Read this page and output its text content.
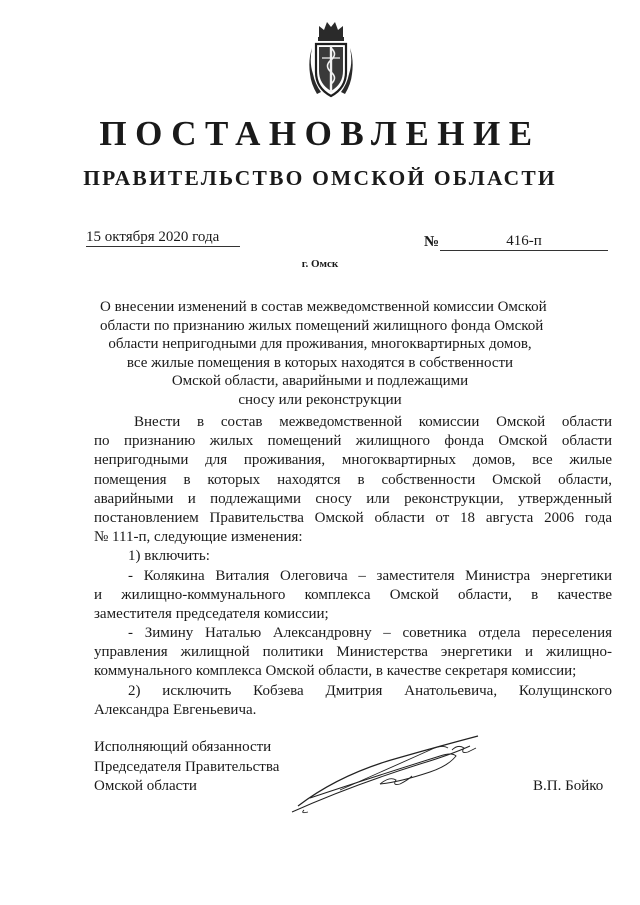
ПОСТАНОВЛЕНИЕ
ПРАВИТЕЛЬСТВО ОМСКОЙ ОБЛАСТИ
15 октября 2020 года	№	416-п
г. Омск
О внесении изменений в состав межведомственной комиссии Омской
области по признанию жилых помещений жилищного фонда Омской
области непригодными для проживания, многоквартирных домов,
все жилые помещения в которых находятся в собственности
Омской области, аварийными и подлежащими
сносу или реконструкции
Внести в состав межведомственной комиссии Омской области
по признанию жилых помещений жилищного фонда Омской области
непригодными для проживания, многоквартирных домов, все жилые
помещения в которых находятся в собственности Омской области,
аварийными и подлежащими сносу или реконструкции, утвержденный
постановлением Правительства Омской области от 18 августа 2006 года
№ 111-п, следующие изменения:
1) включить:
- Колякина Виталия Олеговича – заместителя Министра энергетики
и жилищно-коммунального комплекса Омской области, в качестве
заместителя председателя комиссии;
- Зимину Наталью Александровну – советника отдела переселения
управления жилищной политики Министерства энергетики и жилищно-
коммунального комплекса Омской области, в качестве секретаря комиссии;
2) исключить Кобзева Дмитрия Анатольевича, Колущинского
Александра Евгеньевича.
Исполняющий обязанности
Председателя Правительства
Омской области	В.П. Бойко
